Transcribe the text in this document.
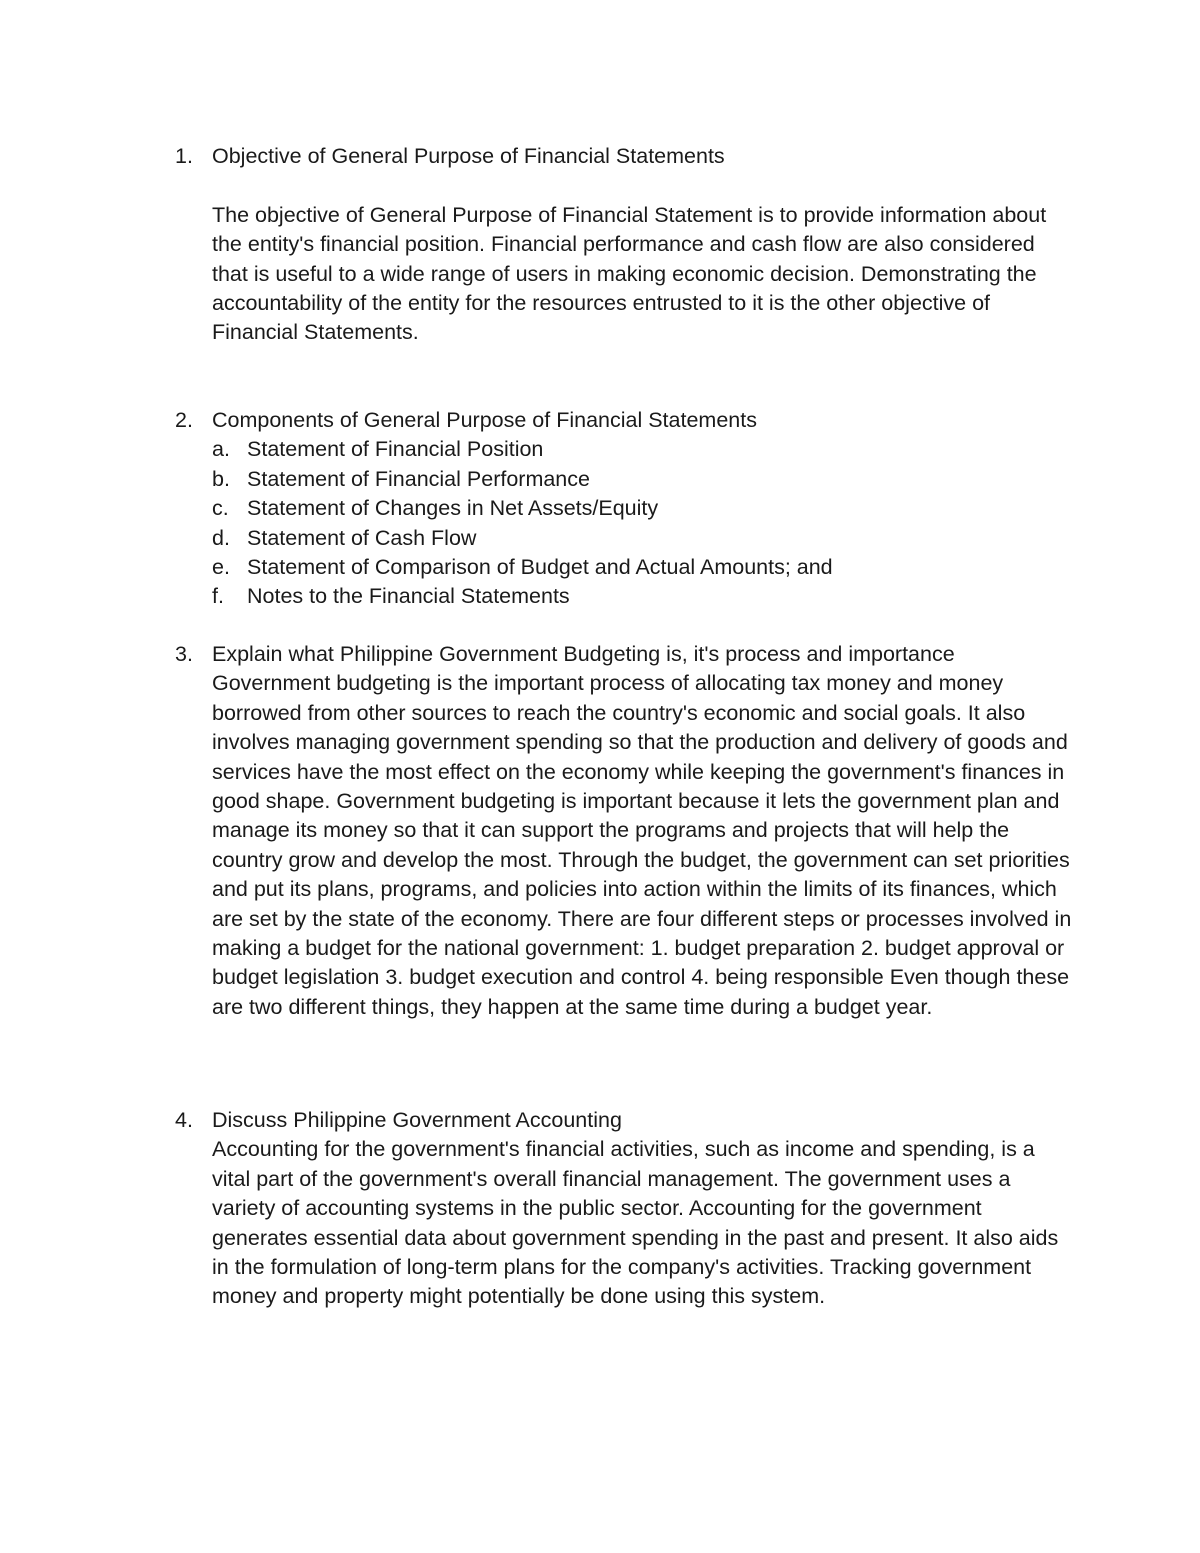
1. Objective of General Purpose of Financial Statements

The objective of General Purpose of Financial Statement is to provide information about the entity's financial position. Financial performance and cash flow are also considered that is useful to a wide range of users in making economic decision. Demonstrating the accountability of the entity for the resources entrusted to it is the other objective of Financial Statements.

2. Components of General Purpose of Financial Statements
a. Statement of Financial Position
b. Statement of Financial Performance
c. Statement of Changes in Net Assets/Equity
d. Statement of Cash Flow
e. Statement of Comparison of Budget and Actual Amounts; and
f. Notes to the Financial Statements
3. Explain what Philippine Government Budgeting is, it's process and importance

Government budgeting is the important process of allocating tax money and money borrowed from other sources to reach the country's economic and social goals. It also involves managing government spending so that the production and delivery of goods and services have the most effect on the economy while keeping the government's finances in good shape. Government budgeting is important because it lets the government plan and manage its money so that it can support the programs and projects that will help the country grow and develop the most. Through the budget, the government can set priorities and put its plans, programs, and policies into action within the limits of its finances, which are set by the state of the economy. There are four different steps or processes involved in making a budget for the national government: 1. budget preparation 2. budget approval or budget legislation 3. budget execution and control 4. being responsible Even though these are two different things, they happen at the same time during a budget year.

4. Discuss Philippine Government Accounting

Accounting for the government's financial activities, such as income and spending, is a vital part of the government's overall financial management. The government uses a variety of accounting systems in the public sector. Accounting for the government generates essential data about government spending in the past and present. It also aids in the formulation of long-term plans for the company's activities. Tracking government money and property might potentially be done using this system.
